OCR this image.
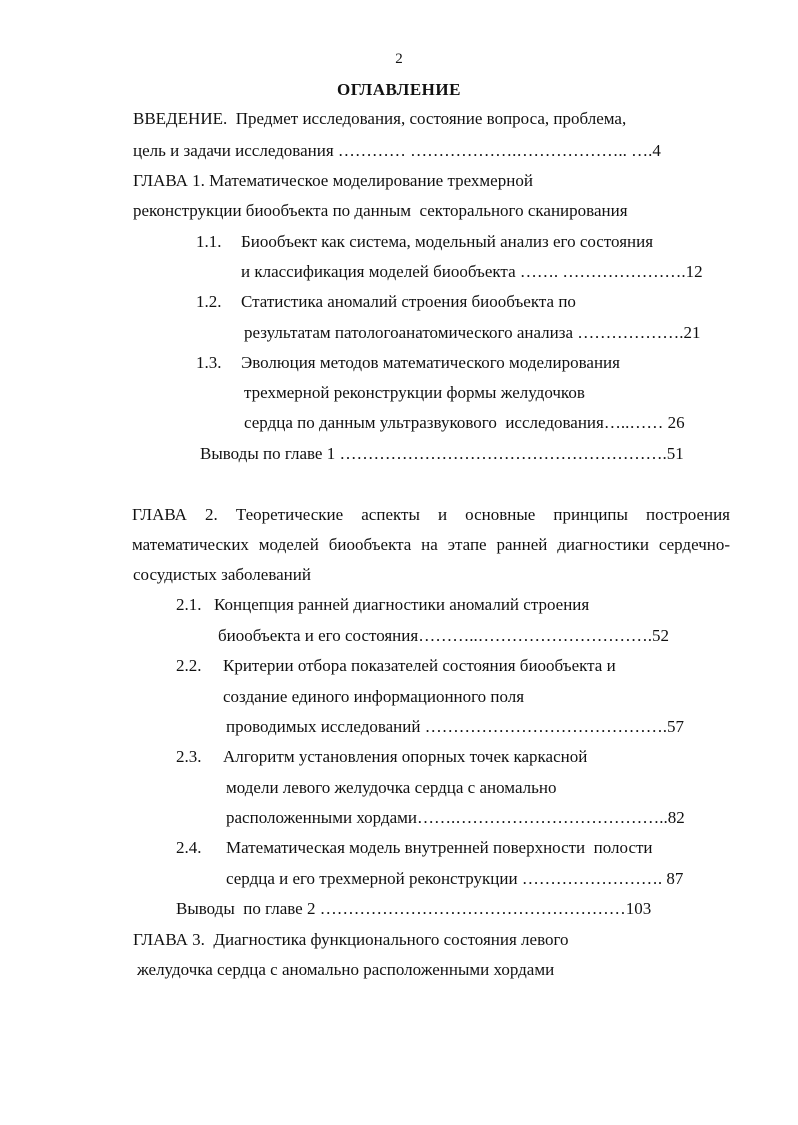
2
ОГЛАВЛЕНИЕ
ВВЕДЕНИЕ.  Предмет исследования, состояние вопроса, проблема,
цель и задачи исследования ………… ……………….……………….. ….4
ГЛАВА 1. Математическое моделирование трехмерной
реконструкции биообъекта по данным  секторального сканирования
1.1. Биообъект как система, модельный анализ его состояния
и классификация моделей биообъекта ……. ………………….12
1.2. Статистика аномалий строения биообъекта по
результатам патологоанатомического анализа ……………….21
1.3. Эволюция методов математического моделирования
трехмерной реконструкции формы желудочков
сердца по данным ультразвукового  исследования…..…… 26
Выводы по главе 1 ………………………………………………….51
ГЛАВА 2. Теоретические аспекты и основные принципы построения
математических моделей биообъекта на этапе ранней диагностики сердечно-
сосудистых заболеваний
2.1. Концепция ранней диагностики аномалий строения
биообъекта и его состояния………..………………………….52
2.2. Критерии отбора показателей состояния биообъекта и
создание единого информационного поля
проводимых исследований …………………………………….57
2.3. Алгоритм установления опорных точек каркасной
модели левого желудочка сердца с аномально
расположенными хордами…….………………………………..82
2.4. Математическая модель внутренней поверхности  полости
сердца и его трехмерной реконструкции ……………………. 87
Выводы  по главе 2 ………………………………………………103
ГЛАВА 3.  Диагностика функционального состояния левого
желудочка сердца с аномально расположенными хордами
